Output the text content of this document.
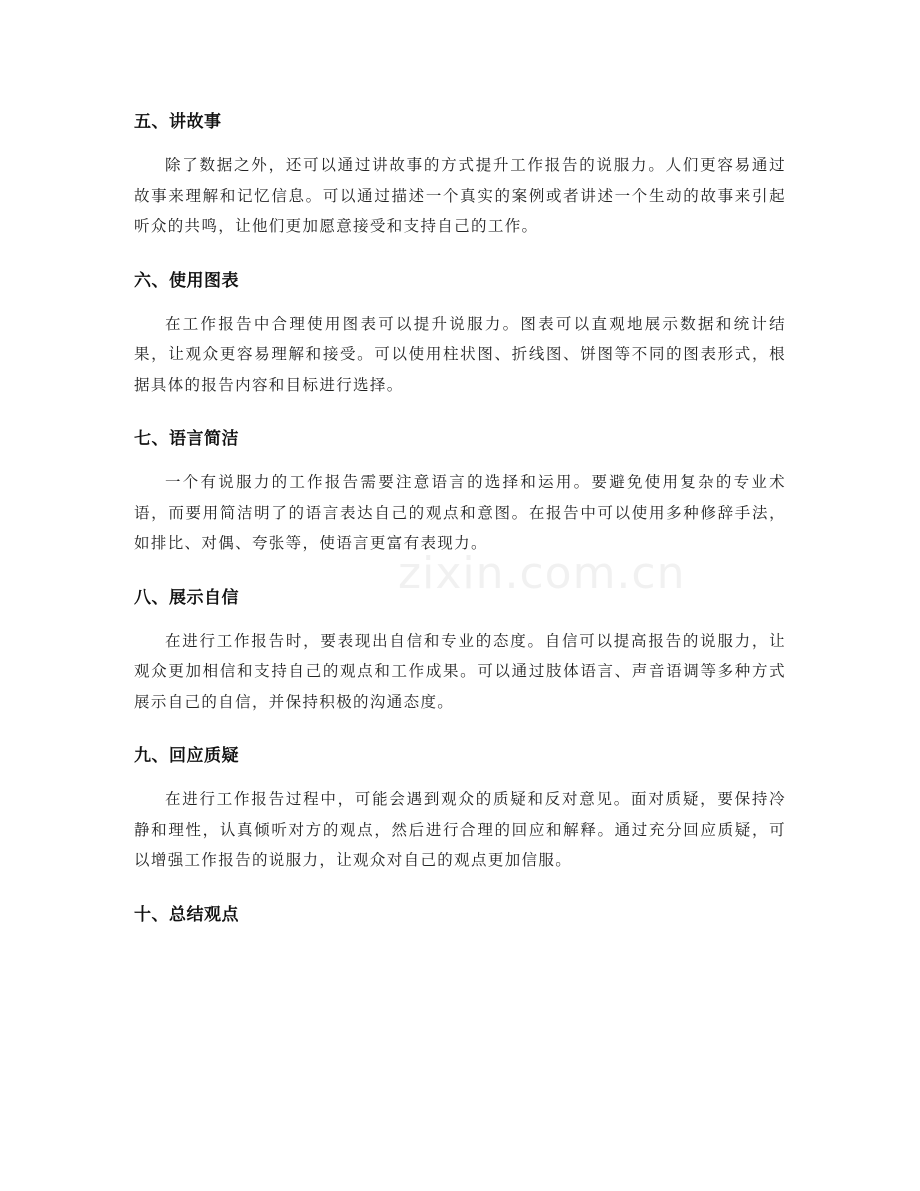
zixin.com.cn
五、讲故事

除了数据之外，还可以通过讲故事的方式提升工作报告的说服力。人们更容易通过故事来理解和记忆信息。可以通过描述一个真实的案例或者讲述一个生动的故事来引起听众的共鸣，让他们更加愿意接受和支持自己的工作。

六、使用图表

在工作报告中合理使用图表可以提升说服力。图表可以直观地展示数据和统计结果，让观众更容易理解和接受。可以使用柱状图、折线图、饼图等不同的图表形式，根据具体的报告内容和目标进行选择。

七、语言简洁

一个有说服力的工作报告需要注意语言的选择和运用。要避免使用复杂的专业术语，而要用简洁明了的语言表达自己的观点和意图。在报告中可以使用多种修辞手法，如排比、对偶、夸张等，使语言更富有表现力。

八、展示自信

在进行工作报告时，要表现出自信和专业的态度。自信可以提高报告的说服力，让观众更加相信和支持自己的观点和工作成果。可以通过肢体语言、声音语调等多种方式展示自己的自信，并保持积极的沟通态度。

九、回应质疑

在进行工作报告过程中，可能会遇到观众的质疑和反对意见。面对质疑，要保持冷静和理性，认真倾听对方的观点，然后进行合理的回应和解释。通过充分回应质疑，可以增强工作报告的说服力，让观众对自己的观点更加信服。

十、总结观点
